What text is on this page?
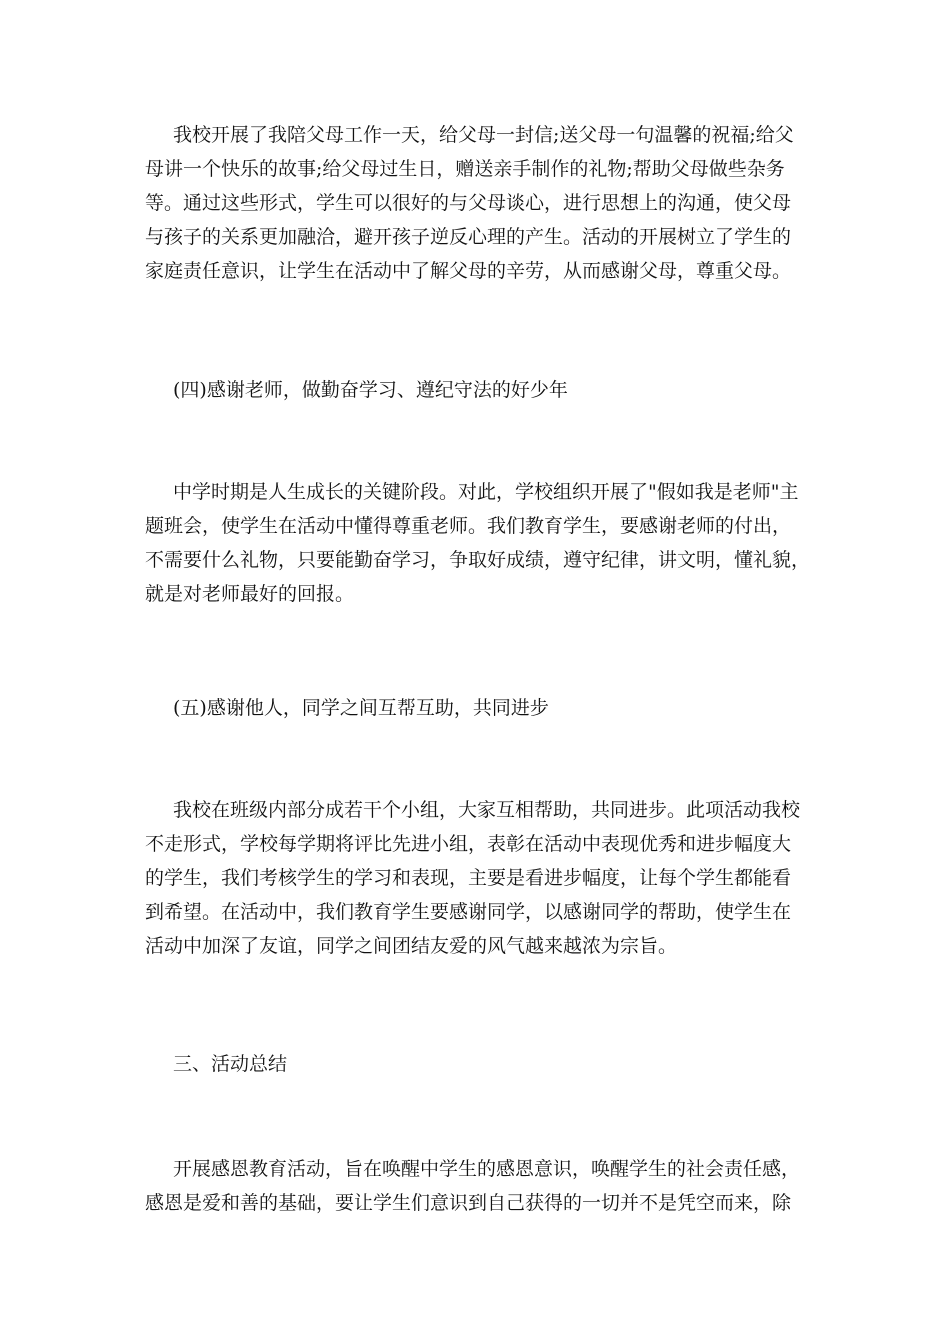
我校开展了我陪父母工作一天，给父母一封信;送父母一句温馨的祝福;给父
母讲一个快乐的故事;给父母过生日，赠送亲手制作的礼物;帮助父母做些杂务
等。通过这些形式，学生可以很好的与父母谈心，进行思想上的沟通，使父母
与孩子的关系更加融洽，避开孩子逆反心理的产生。活动的开展树立了学生的
家庭责任意识，让学生在活动中了解父母的辛劳，从而感谢父母，尊重父母。
(四)感谢老师，做勤奋学习、遵纪守法的好少年
中学时期是人生成长的关键阶段。对此，学校组织开展了"假如我是老师"主
题班会，使学生在活动中懂得尊重老师。我们教育学生，要感谢老师的付出，
不需要什么礼物，只要能勤奋学习，争取好成绩，遵守纪律，讲文明，懂礼貌，
就是对老师最好的回报。
(五)感谢他人，同学之间互帮互助，共同进步
我校在班级内部分成若干个小组，大家互相帮助，共同进步。此项活动我校
不走形式，学校每学期将评比先进小组，表彰在活动中表现优秀和进步幅度大
的学生，我们考核学生的学习和表现，主要是看进步幅度，让每个学生都能看
到希望。在活动中，我们教育学生要感谢同学，以感谢同学的帮助，使学生在
活动中加深了友谊，同学之间团结友爱的风气越来越浓为宗旨。
三、活动总结
开展感恩教育活动，旨在唤醒中学生的感恩意识，唤醒学生的社会责任感，
感恩是爱和善的基础，要让学生们意识到自己获得的一切并不是凭空而来，除
